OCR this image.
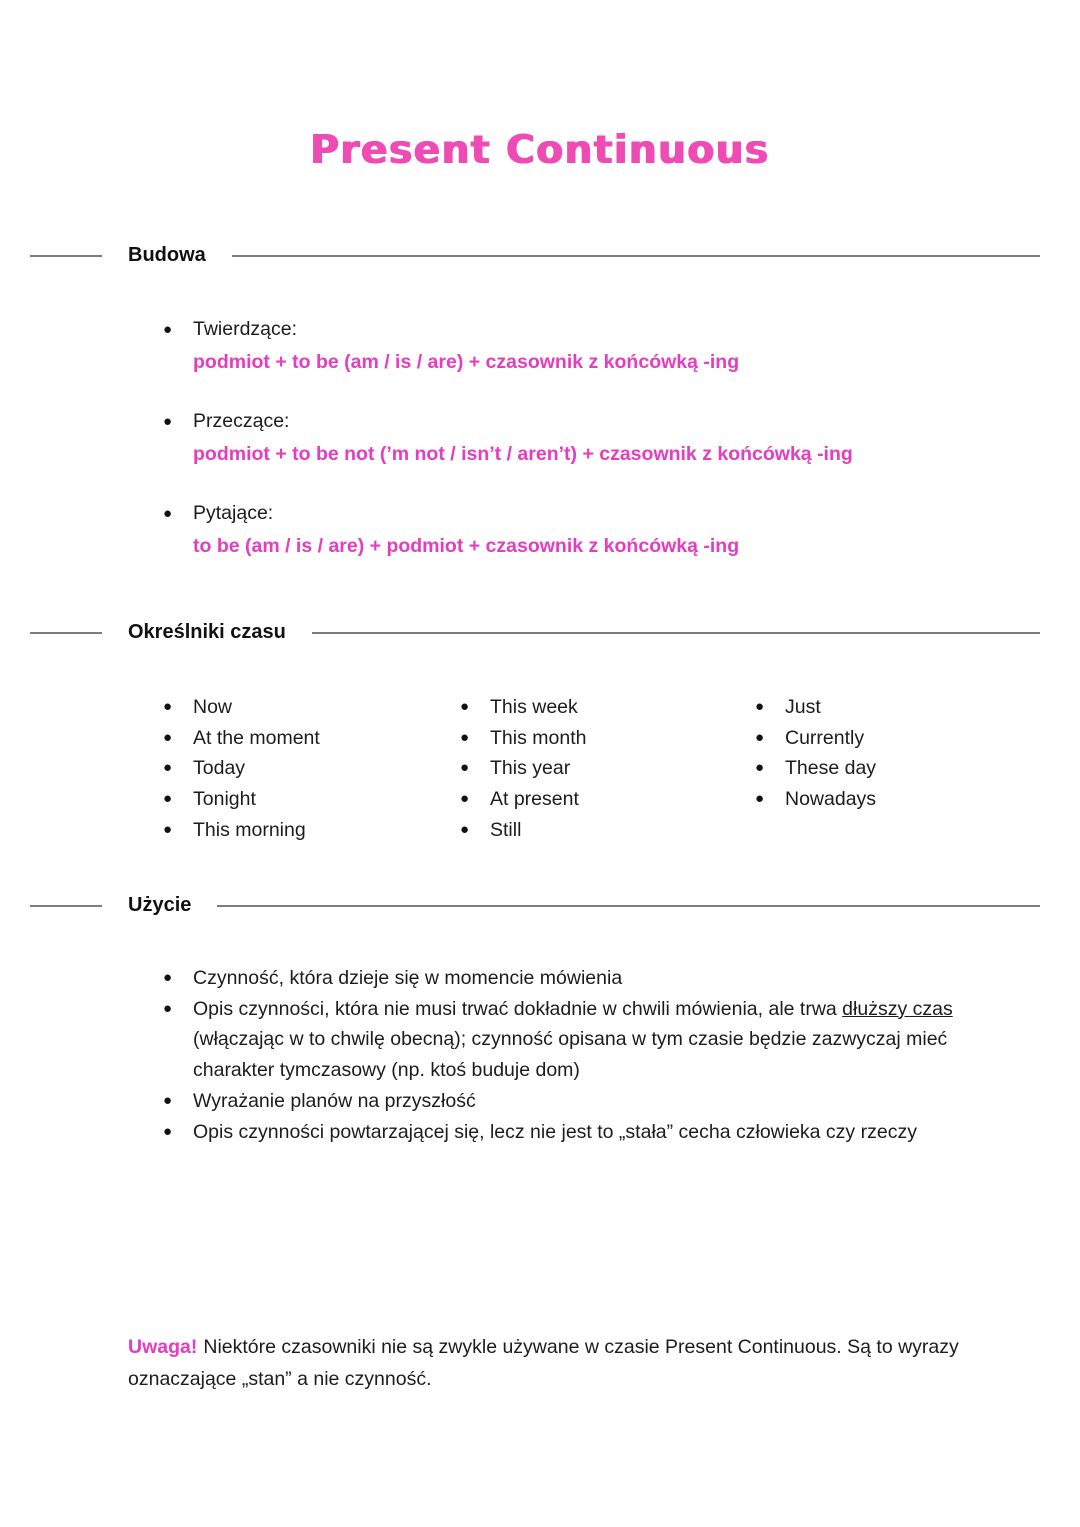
Present Continuous
Budowa
●	Twierdzące:
podmiot + to be (am / is / are) + czasownik z końcówką -ing
●	Przeczące:
podmiot + to be not (’m not / isn’t / aren’t) + czasownik z końcówką -ing
●	Pytające:
to be (am / is / are) + podmiot + czasownik z końcówką -ing
Określniki czasu
●	Now
●	At the moment
●	Today
●	Tonight
●	This morning
●	This week
●	This month
●	This year
●	At present
●	Still
●	Just
●	Currently
●	These day
●	Nowadays
Użycie
●	Czynność, która dzieje się w momencie mówienia
●	Opis czynności, która nie musi trwać dokładnie w chwili mówienia, ale trwa dłuższy czas (włączając w to chwilę obecną); czynność opisana w tym czasie będzie zazwyczaj mieć charakter tymczasowy (np. ktoś buduje dom)
●	Wyrażanie planów na przyszłość
●	Opis czynności powtarzającej się, lecz nie jest to „stała” cecha człowieka czy rzeczy
Uwaga! Niektóre czasowniki nie są zwykle używane w czasie Present Continuous. Są to wyrazy oznaczające „stan” a nie czynność.
